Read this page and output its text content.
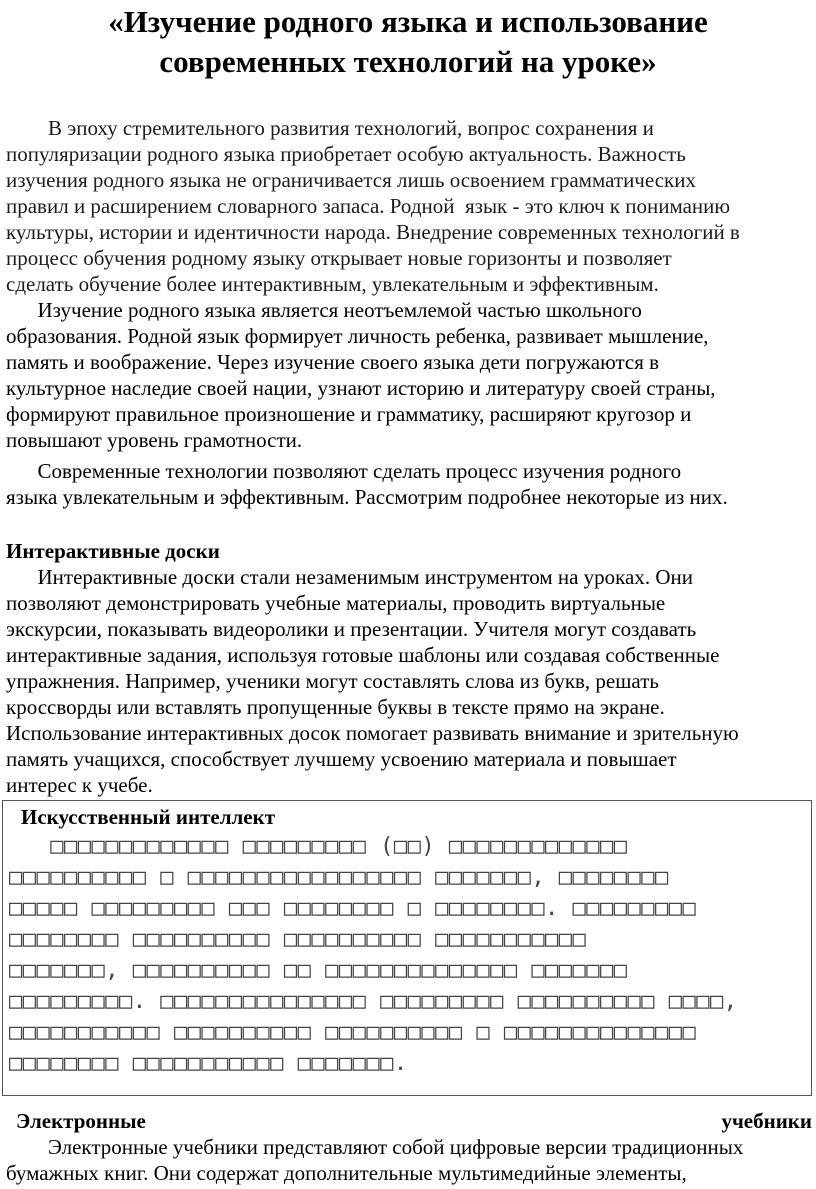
«Изучение родного языка и использование
современных технологий на уроке»
В эпоху стремительного развития технологий, вопрос сохранения и
популяризации родного языка приобретает особую актуальность. Важность
изучения родного языка не ограничивается лишь освоением грамматических
правил и расширением словарного запаса. Родной  язык - это ключ к пониманию
культуры, истории и идентичности народа. Внедрение современных технологий в
процесс обучения родному языку открывает новые горизонты и позволяет
сделать обучение более интерактивным, увлекательным и эффективным.
Изучение родного языка является неотъемлемой частью школьного
образования. Родной язык формирует личность ребенка, развивает мышление,
память и воображение. Через изучение своего языка дети погружаются в
культурное наследие своей нации, узнают историю и литературу своей страны,
формируют правильное произношение и грамматику, расширяют кругозор и
повышают уровень грамотности.
Современные технологии позволяют сделать процесс изучения родного
языка увлекательным и эффективным. Рассмотрим подробнее некоторые из них.
Интерактивные доски
Интерактивные доски стали незаменимым инструментом на уроках. Они
позволяют демонстрировать учебные материалы, проводить виртуальные
экскурсии, показывать видеоролики и презентации. Учителя могут создавать
интерактивные задания, используя готовые шаблоны или создавая собственные
упражнения. Например, ученики могут составлять слова из букв, решать
кроссворды или вставлять пропущенные буквы в тексте прямо на экране.
Использование интерактивных досок помогает развивать внимание и зрительную
память учащихся, способствует лучшему усвоению материала и повышает
интерес к учебе.
Искусственный интеллект
□□□□□□□□□□□□□ □□□□□□□□□ (□□) □□□□□□□□□□□□□
□□□□□□□□□□ □ □□□□□□□□□□□□□□□□□ □□□□□□□, □□□□□□□□
□□□□□ □□□□□□□□□ □□□ □□□□□□□□ □ □□□□□□□□. □□□□□□□□□
□□□□□□□□ □□□□□□□□□□ □□□□□□□□□□ □□□□□□□□□□□
□□□□□□□, □□□□□□□□□□ □□ □□□□□□□□□□□□□□ □□□□□□□
□□□□□□□□□. □□□□□□□□□□□□□□□ □□□□□□□□□ □□□□□□□□□□ □□□□,
□□□□□□□□□□□ □□□□□□□□□□ □□□□□□□□□□ □ □□□□□□□□□□□□□□
□□□□□□□□ □□□□□□□□□□□ □□□□□□□.
Электронные	учебники
Электронные учебники представляют собой цифровые версии традиционных
бумажных книг. Они содержат дополнительные мультимедийные элементы,
